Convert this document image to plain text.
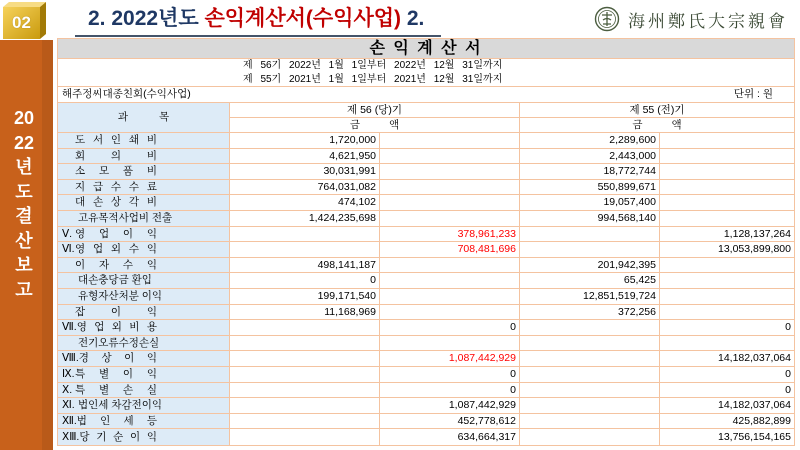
02	2. 2022년도 손익계산서(수익사업) 2.	海州鄭氏大宗親會
20
22
년
도
결
산
보
고
손 익 계 산 서
제 56기 2022년 1월 1일부터 2022년 12월 31일까지
제 55기 2021년 1월 1일부터 2021년 12월 31일까지
해주정씨대종친회(수익사업)	단위 : 원
과 목
제 56 (당)기	제 55 (전)기
금 액	금 액
도 서 인 쇄 비	1,720,000	2,289,600
회 의 비	4,621,950	2,443,000
소 모 품 비	30,031,991	18,772,744
지 급 수 수 료	764,031,082	550,899,671
대 손 상 각 비	474,102	19,057,400
고유목적사업비 전출	1,424,235,698	994,568,140
Ⅴ. 영 업 이 익	378,961,233	1,128,137,264
Ⅵ. 영 업 외 수 익	708,481,696	13,053,899,800
이 자 수 익	498,141,187	201,942,395
대손충당금 환입	0	65,425
유형자산처분 이익	199,171,540	12,851,519,724
잡 이 익	11,168,969	372,256
Ⅶ. 영 업 외 비 용	0	0
전기오류수정손실
Ⅷ. 경 상 이 익	1,087,442,929	14,182,037,064
Ⅸ. 특 별 이 익	0	0
Ⅹ. 특 별 손 실	0	0
Ⅺ. 법인세 차감전이익	1,087,442,929	14,182,037,064
Ⅻ. 법 인 세 등	452,778,612	425,882,899
ⅩⅢ. 당 기 순 이 익	634,664,317	13,756,154,165
